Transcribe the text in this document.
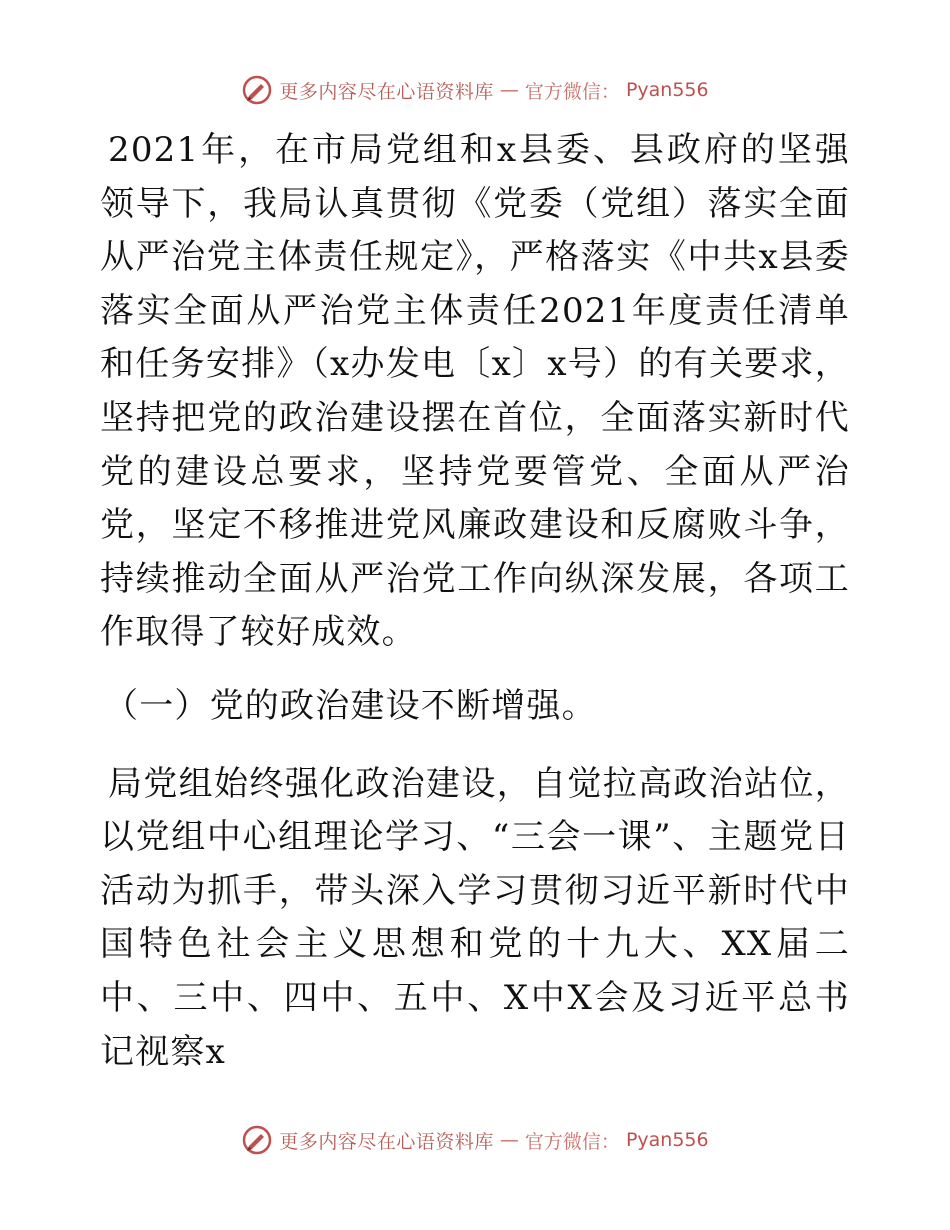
更多内容尽在心语资料库 — 官方微信： Pyan556

2021年，在市局党组和x县委、县政府的坚强领导下，我局认真贯彻《党委（党组）落实全面从严治党主体责任规定》，严格落实《中共x县委落实全面从严治党主体责任2021年度责任清单和任务安排》（x办发电〔x〕x号）的有关要求，坚持把党的政治建设摆在首位，全面落实新时代党的建设总要求，坚持党要管党、全面从严治党，坚定不移推进党风廉政建设和反腐败斗争，持续推动全面从严治党工作向纵深发展，各项工作取得了较好成效。

（一）党的政治建设不断增强。

局党组始终强化政治建设，自觉拉高政治站位，以党组中心组理论学习、“三会一课”、主题党日活动为抓手，带头深入学习贯彻习近平新时代中国特色社会主义思想和党的十九大、XX届二中、三中、四中、五中、X中X会及习近平总书记视察x

更多内容尽在心语资料库 — 官方微信： Pyan556
